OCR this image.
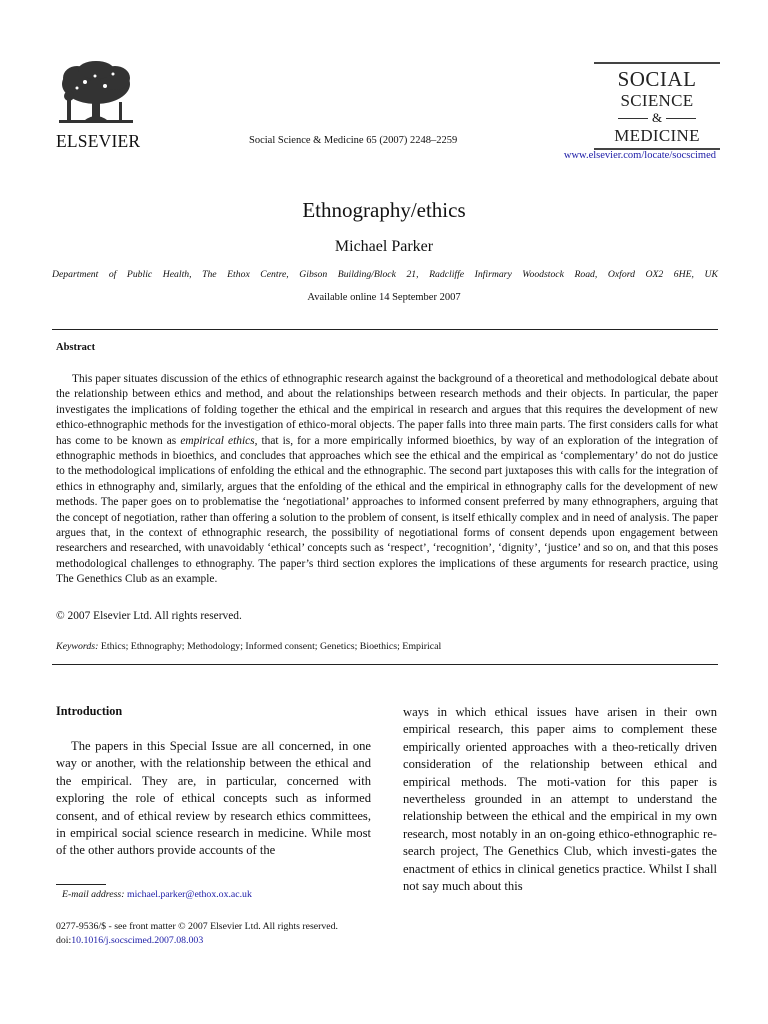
ELSEVIER	Social Science & Medicine 65 (2007) 2248–2259
SOCIAL
SCIENCE
&
MEDICINE
www.elsevier.com/locate/socscimed
Ethnography/ethics
Michael Parker
Department of Public Health, The Ethox Centre, Gibson Building/Block 21, Radcliffe Infirmary Woodstock Road, Oxford OX2 6HE, UK
Available online 14 September 2007
Abstract

This paper situates discussion of the ethics of ethnographic research against the background of a theoretical and methodological debate about the relationship between ethics and method, and about the relationships between research methods and their objects. In particular, the paper investigates the implications of folding together the ethical and the empirical in research and argues that this requires the development of new ethico-ethnographic methods for the investigation of ethico-moral objects. The paper falls into three main parts. The first considers calls for what has come to be known as empirical ethics, that is, for a more empirically informed bioethics, by way of an exploration of the integration of ethnographic methods in bioethics, and concludes that approaches which see the ethical and the empirical as ‘complementary’ do not do justice to the methodological implications of enfolding the ethical and the ethnographic. The second part juxtaposes this with calls for the integration of ethics in ethnography and, similarly, argues that the enfolding of the ethical and the empirical in ethnography calls for the development of new methods. The paper goes on to problematise the ‘negotiational’ approaches to informed consent preferred by many ethnographers, arguing that the concept of negotiation, rather than offering a solution to the problem of consent, is itself ethically complex and in need of analysis. The paper argues that, in the context of ethnographic research, the possibility of negotiational forms of consent depends upon engagement between researchers and researched, with unavoidably ‘ethical’ concepts such as ‘respect’, ‘recognition’, ‘dignity’, ‘justice’ and so on, and that this poses methodological challenges to ethnography. The paper’s third section explores the implications of these arguments for research practice, using The Genethics Club as an example.

© 2007 Elsevier Ltd. All rights reserved.
Keywords: Ethics; Ethnography; Methodology; Informed consent; Genetics; Bioethics; Empirical
Introduction

The papers in this Special Issue are all concerned, in one way or another, with the relationship between the ethical and the empirical. They are, in particular, concerned with exploring the role of ethical concepts such as informed consent, and of ethical review by research ethics committees, in empirical social science research in medicine. While most of the other authors provide accounts of the

ways in which ethical issues have arisen in their own empirical research, this paper aims to complement these empirically oriented approaches with a theo-retically driven consideration of the relationship between ethical and empirical methods. The moti-vation for this paper is nevertheless grounded in an attempt to understand the relationship between the ethical and the empirical in my own research, most notably in an on-going ethico-ethnographic re-search project, The Genethics Club, which investi-gates the enactment of ethics in clinical genetics practice. Whilst I shall not say much about this

E-mail address: michael.parker@ethox.ox.ac.uk
0277-9536/$ - see front matter © 2007 Elsevier Ltd. All rights reserved.
doi:10.1016/j.socscimed.2007.08.003
